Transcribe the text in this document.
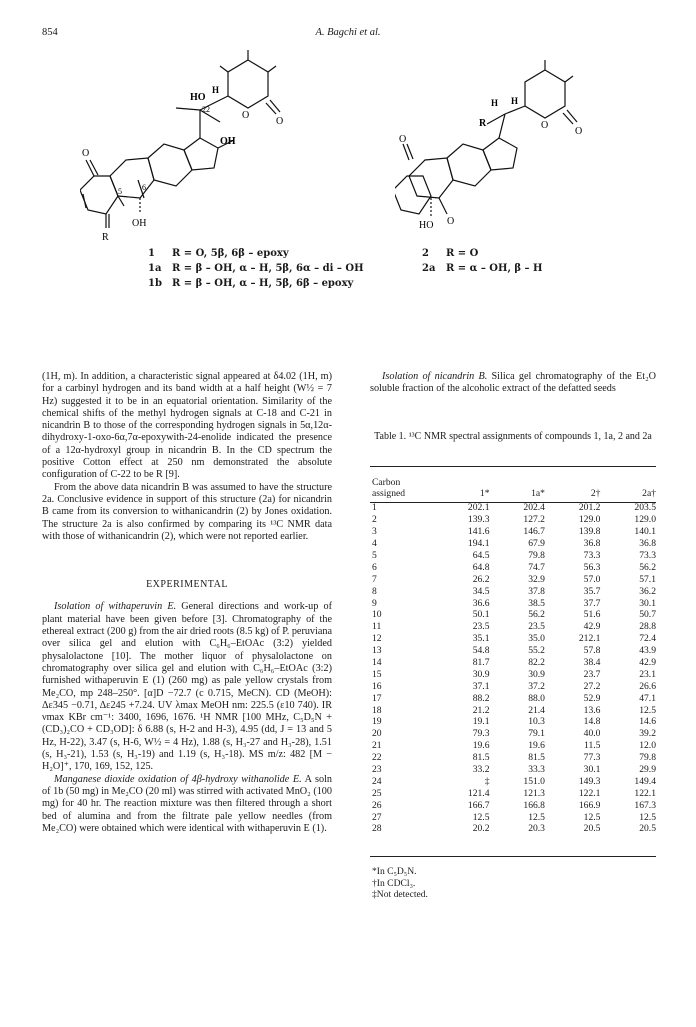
854	A. Bagchi et al.
HO
H
22
O
O
OH
O
5	6
OH
R
H H
R	O
O
O
HO O
1 R = O, 5β, 6β – epoxy
1a R = β – OH, α – H, 5β, 6α – di – OH
1b R = β – OH, α – H, 5β, 6β – epoxy
2 R = O
2a R = α – OH, β – H

(1H, m). In addition, a characteristic signal appeared at δ4.02 (1H, m) for a carbinyl hydrogen and its band width at a half height (W½ = 7 Hz) suggested it to be in an equatorial orientation. Similarity of the chemical shifts of the methyl hydrogen signals at C-18 and C-21 in nicandrin B to those of the corresponding hydrogen signals in 5α,12α-dihydroxy-1-oxo-6α,7α-epoxywith-24-enolide indicated the presence of a 12α-hydroxyl group in nicandrin B. In the CD spectrum the positive Cotton effect at 250 nm demonstrated the absolute configuration of C-22 to be R [9].

From the above data nicandrin B was assumed to have the structure 2a. Conclusive evidence in support of this structure (2a) for nicandrin B came from its conversion to withanicandrin (2) by Jones oxidation. The structure 2a is also confirmed by comparing its ¹³C NMR data with those of withanicandrin (2), which were not reported earlier.

EXPERIMENTAL

Isolation of withaperuvin E. General directions and work-up of plant material have been given before [3]. Chromatography of the ethereal extract (200 g) from the air dried roots (8.5 kg) of P. peruviana over silica gel and elution with C₆H₆–EtOAc (3:2) yielded physalolactone [10]. The mother liquor of physalolactone on chromatography over silica gel and elution with C₆H₆–EtOAc (3:2) furnished withaperuvin E (1) (260 mg) as pale yellow crystals from Me₂CO, mp 248–250°. [α]D −72.7 (c 0.715, MeCN). CD (MeOH): Δε345 −0.71, Δε245 +7.24. UV λmax MeOH nm: 225.5 (ε10 740). IR νmax KBr cm⁻¹: 3400, 1696, 1676. ¹H NMR [100 MHz, C₅D₅N + (CD₃)₂CO + CD₃OD]: δ 6.88 (s, H-2 and H-3), 4.95 (dd, J = 13 and 5 Hz, H-22), 3.47 (s, H-6, W½ = 4 Hz), 1.88 (s, H₃-27 and H₃-28), 1.51 (s, H₃-21), 1.53 (s, H₃-19) and 1.19 (s, H₃-18). MS m/z: 482 [M − H₂O]⁺, 170, 169, 152, 125.

Manganese dioxide oxidation of 4β-hydroxy withanolide E. A soln of 1b (50 mg) in Me₂CO (20 ml) was stirred with activated MnO₂ (100 mg) for 40 hr. The reaction mixture was then filtered through a short bed of alumina and from the filtrate pale yellow needles (from Me₂CO) were obtained which were identical with withaperuvin E (1).

Isolation of nicandrin B. Silica gel chromatography of the Et₂O soluble fraction of the alcoholic extract of the defatted seeds

Table 1. ¹³C NMR spectral assignments of compounds 1, 1a, 2 and 2a
Carbon assigned	1*	1a*	2†	2a†
1	202.1	202.4	201.2	203.5
2	139.3	127.2	129.0	129.0
3	141.6	146.7	139.8	140.1
4	194.1	67.9	36.8	36.8
5	64.5	79.8	73.3	73.3
6	64.8	74.7	56.3	56.2
7	26.2	32.9	57.0	57.1
8	34.5	37.8	35.7	36.2
9	36.6	38.5	37.7	30.1
10	50.1	56.2	51.6	50.7
11	23.5	23.5	42.9	28.8
12	35.1	35.0	212.1	72.4
13	54.8	55.2	57.8	43.9
14	81.7	82.2	38.4	42.9
15	30.9	30.9	23.7	23.1
16	37.1	37.2	27.2	26.6
17	88.2	88.0	52.9	47.1
18	21.2	21.4	13.6	12.5
19	19.1	10.3	14.8	14.6
20	79.3	79.1	40.0	39.2
21	19.6	19.6	11.5	12.0
22	81.5	81.5	77.3	79.8
23	33.2	33.3	30.1	29.9
24	‡	151.0	149.3	149.4
25	121.4	121.3	122.1	122.1
26	166.7	166.8	166.9	167.3
27	12.5	12.5	12.5	12.5
28	20.2	20.3	20.5	20.5
*In C₅D₅N.
†In CDCl₃.
‡Not detected.
